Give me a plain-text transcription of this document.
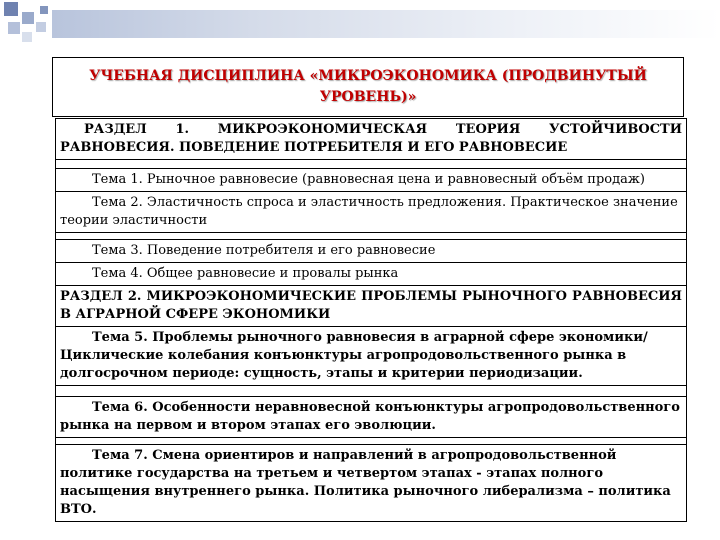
УЧЕБНАЯ ДИСЦИПЛИНА «МИКРОЭКОНОМИКА (ПРОДВИНУТЫЙ УРОВЕНЬ)»
РАЗДЕЛ 1. МИКРОЭКОНОМИЧЕСКАЯ ТЕОРИЯ УСТОЙЧИВОСТИ РАВНОВЕСИЯ. ПОВЕДЕНИЕ ПОТРЕБИТЕЛЯ И ЕГО РАВНОВЕСИЕ
Тема 1. Рыночное равновесие (равновесная цена и равновесный объём продаж)
Тема 2. Эластичность спроса и эластичность предложения. Практическое значение теории эластичности
Тема 3. Поведение потребителя и его равновесие
Тема 4. Общее равновесие и провалы рынка
РАЗДЕЛ 2. МИКРОЭКОНОМИЧЕСКИЕ ПРОБЛЕМЫ РЫНОЧНОГО РАВНОВЕСИЯ В АГРАРНОЙ СФЕРЕ ЭКОНОМИКИ
Тема 5. Проблемы рыночного равновесия в аграрной сфере экономики/ Циклические колебания конъюнктуры агропродовольственного рынка в долгосрочном периоде: сущность, этапы и критерии периодизации.
Тема 6. Особенности неравновесной конъюнктуры агропродовольственного рынка на первом и втором этапах его эволюции.
Тема 7. Смена ориентиров и направлений в агропродовольственной политике государства на третьем и четвертом этапах - этапах полного насыщения внутреннего рынка. Политика рыночного либерализма – политика ВТО.
